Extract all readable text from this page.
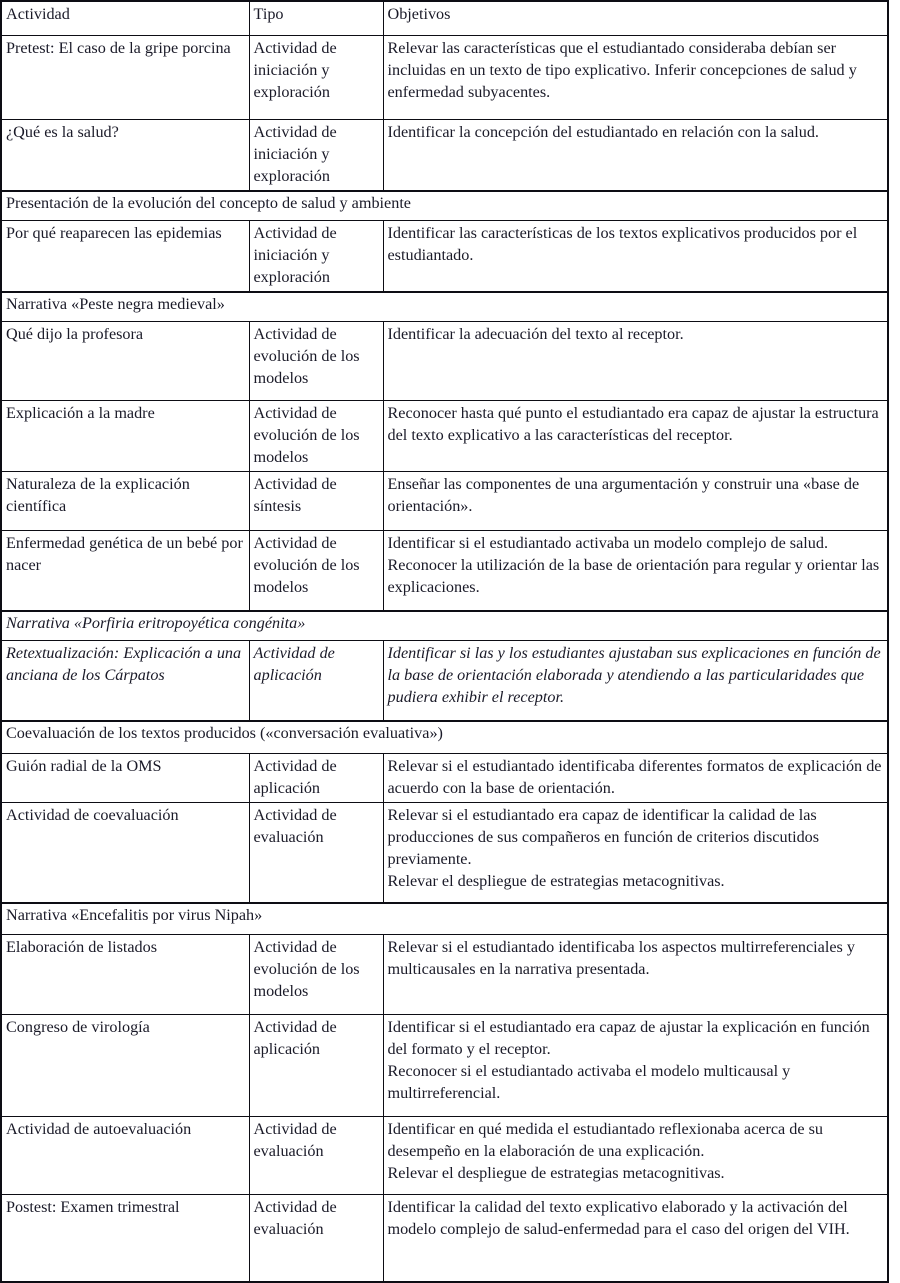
Actividad	Tipo	Objetivos

Pretest: El caso de la gripe porcina	Actividad de iniciación y exploración	Relevar las características que el estudiantado consideraba debían ser incluidas en un texto de tipo explicativo. Inferir concepciones de salud y enfermedad subyacentes.

¿Qué es la salud?	Actividad de iniciación y exploración	Identificar la concepción del estudiantado en relación con la salud.

Presentación de la evolución del concepto de salud y ambiente		

Por qué reaparecen las epidemias	Actividad de iniciación y exploración	Identificar las características de los textos explicativos producidos por el estudiantado.

Narrativa «Peste negra medieval»		

Qué dijo la profesora	Actividad de evolución de los modelos	Identificar la adecuación del texto al receptor.

Explicación a la madre	Actividad de evolución de los modelos	Reconocer hasta qué punto el estudiantado era capaz de ajustar la estructura del texto explicativo a las características del receptor.

Naturaleza de la explicación científica	Actividad de síntesis	Enseñar las componentes de una argumentación y construir una «base de orientación».

Enfermedad genética de un bebé por nacer	Actividad de evolución de los modelos	Identificar si el estudiantado activaba un modelo complejo de salud. Reconocer la utilización de la base de orientación para regular y orientar las explicaciones.

Narrativa «Porfiria eritropoyética congénita»		

Retextualización: Explicación a una anciana de los Cárpatos	Actividad de aplicación	Identificar si las y los estudiantes ajustaban sus explicaciones en función de la base de orientación elaborada y atendiendo a las particularidades que pudiera exhibir el receptor.

Coevaluación de los textos producidos («conversación evaluativa»)		

Guión radial de la OMS	Actividad de aplicación	Relevar si el estudiantado identificaba diferentes formatos de explicación de acuerdo con la base de orientación.

Actividad de coevaluación	Actividad de evaluación	Relevar si el estudiantado era capaz de identificar la calidad de las producciones de sus compañeros en función de criterios discutidos previamente.
Relevar el despliegue de estrategias metacognitivas.

Narrativa «Encefalitis por virus Nipah»		

Elaboración de listados	Actividad de evolución de los modelos	Relevar si el estudiantado identificaba los aspectos multirreferenciales y multicausales en la narrativa presentada.

Congreso de virología	Actividad de aplicación	Identificar si el estudiantado era capaz de ajustar la explicación en función del formato y el receptor.
Reconocer si el estudiantado activaba el modelo multicausal y multirreferencial.

Actividad de autoevaluación	Actividad de evaluación	Identificar en qué medida el estudiantado reflexionaba acerca de su desempeño en la elaboración de una explicación.
Relevar el despliegue de estrategias metacognitivas.

Postest: Examen trimestral	Actividad de evaluación	Identificar la calidad del texto explicativo elaborado y la activación del modelo complejo de salud-enfermedad para el caso del origen del VIH.
